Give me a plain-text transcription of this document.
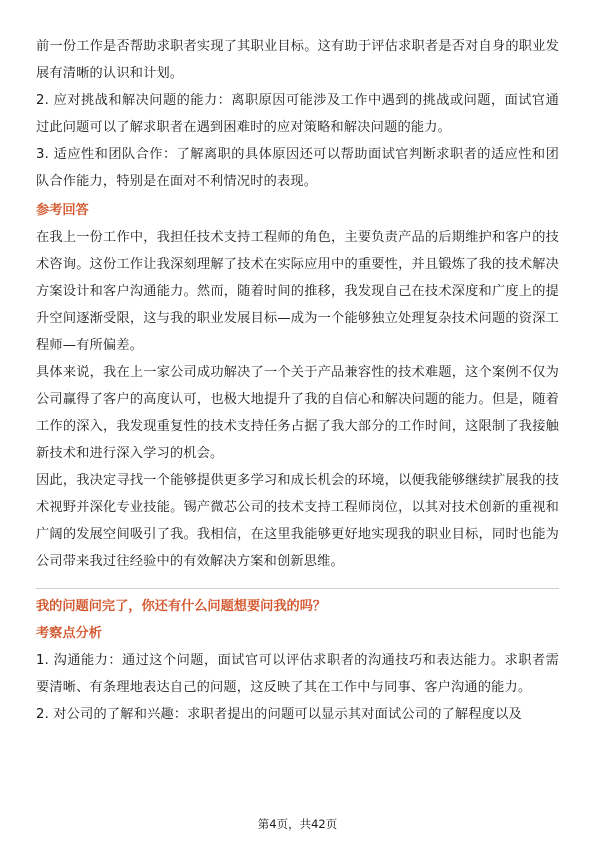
前一份工作是否帮助求职者实现了其职业目标。这有助于评估求职者是否对自身的职业发展有清晰的认识和计划。

2. 应对挑战和解决问题的能力：离职原因可能涉及工作中遇到的挑战或问题，面试官通过此问题可以了解求职者在遇到困难时的应对策略和解决问题的能力。

3. 适应性和团队合作：了解离职的具体原因还可以帮助面试官判断求职者的适应性和团队合作能力，特别是在面对不利情况时的表现。

参考回答

在我上一份工作中，我担任技术支持工程师的角色，主要负责产品的后期维护和客户的技术咨询。这份工作让我深刻理解了技术在实际应用中的重要性，并且锻炼了我的技术解决方案设计和客户沟通能力。然而，随着时间的推移，我发现自己在技术深度和广度上的提升空间逐渐受限，这与我的职业发展目标—成为一个能够独立处理复杂技术问题的资深工程师—有所偏差。

具体来说，我在上一家公司成功解决了一个关于产品兼容性的技术难题，这个案例不仅为公司赢得了客户的高度认可，也极大地提升了我的自信心和解决问题的能力。但是，随着工作的深入，我发现重复性的技术支持任务占据了我大部分的工作时间，这限制了我接触新技术和进行深入学习的机会。

因此，我决定寻找一个能够提供更多学习和成长机会的环境，以便我能够继续扩展我的技术视野并深化专业技能。锡产微芯公司的技术支持工程师岗位，以其对技术创新的重视和广阔的发展空间吸引了我。我相信，在这里我能够更好地实现我的职业目标，同时也能为公司带来我过往经验中的有效解决方案和创新思维。

我的问题问完了，你还有什么问题想要问我的吗？
考察点分析

1. 沟通能力：通过这个问题，面试官可以评估求职者的沟通技巧和表达能力。求职者需要清晰、有条理地表达自己的问题，这反映了其在工作中与同事、客户沟通的能力。

2. 对公司的了解和兴趣：求职者提出的问题可以显示其对面试公司的了解程度以及

第4页，共42页
